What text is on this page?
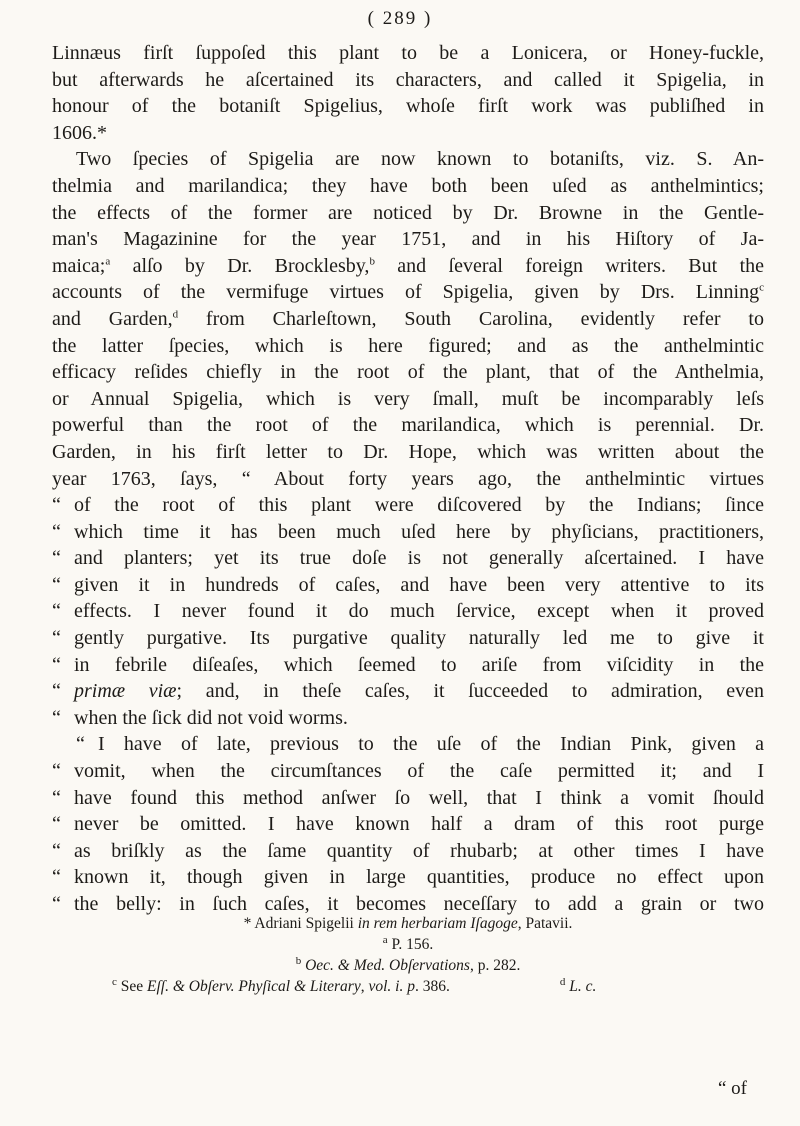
( 289 )
Linnæus firſt ſuppoſed this plant to be a Lonicera, or Honey-fuckle,
but afterwards he aſcertained its characters, and called it Spigelia, in
honour of the botaniſt Spigelius, whoſe firſt work was publiſhed in
1606.*
Two ſpecies of Spigelia are now known to botaniſts, viz. S. An-
thelmia and marilandica; they have both been uſed as anthelmintics;
the effects of the former are noticed by Dr. Browne in the Gentle-
man's Magazinine for the year 1751, and in his Hiſtory of Ja-
maica;$^a$ alſo by Dr. Brocklesby,$^b$ and ſeveral foreign writers. But the
accounts of the vermifuge virtues of Spigelia, given by Drs. Linning$^c$
and Garden,$^d$ from Charleſtown, South Carolina, evidently refer to
the latter ſpecies, which is here figured; and as the anthelmintic
efficacy reſides chiefly in the root of the plant, that of the Anthelmia,
or Annual Spigelia, which is very ſmall, muſt be incomparably leſs
powerful than the root of the marilandica, which is perennial. Dr.
Garden, in his firſt letter to Dr. Hope, which was written about the
year 1763, ſays, “ About forty years ago, the anthelmintic virtues
“ of the root of this plant were diſcovered by the Indians; ſince
“ which time it has been much uſed here by phyſicians, practitioners,
“ and planters; yet its true doſe is not generally aſcertained. I have
“ given it in hundreds of caſes, and have been very attentive to its
“ effects. I never found it do much ſervice, except when it proved
“ gently purgative. Its purgative quality naturally led me to give it
“ in febrile diſeaſes, which ſeemed to ariſe from viſcidity in the
“ primæ viæ; and, in theſe caſes, it ſucceeded to admiration, even
“ when the ſick did not void worms.
“ I have of late, previous to the uſe of the Indian Pink, given a
“ vomit, when the circumſtances of the caſe permitted it; and I
“ have found this method anſwer ſo well, that I think a vomit ſhould
“ never be omitted. I have known half a dram of this root purge
“ as briſkly as the ſame quantity of rhubarb; at other times I have
“ known it, though given in large quantities, produce no effect upon
“ the belly: in ſuch caſes, it becomes neceſſary to add a grain or two
* Adriani Spigelii in rem herbariam Iſagoge, Patavii.
$^a$ P. 156.
$^b$ Oec. & Med. Obſervations, p. 282.
$^c$ See Eſſ. & Obſerv. Phyſical & Literary, vol. i. p. 386.	$^d$ L. c.
“ of
